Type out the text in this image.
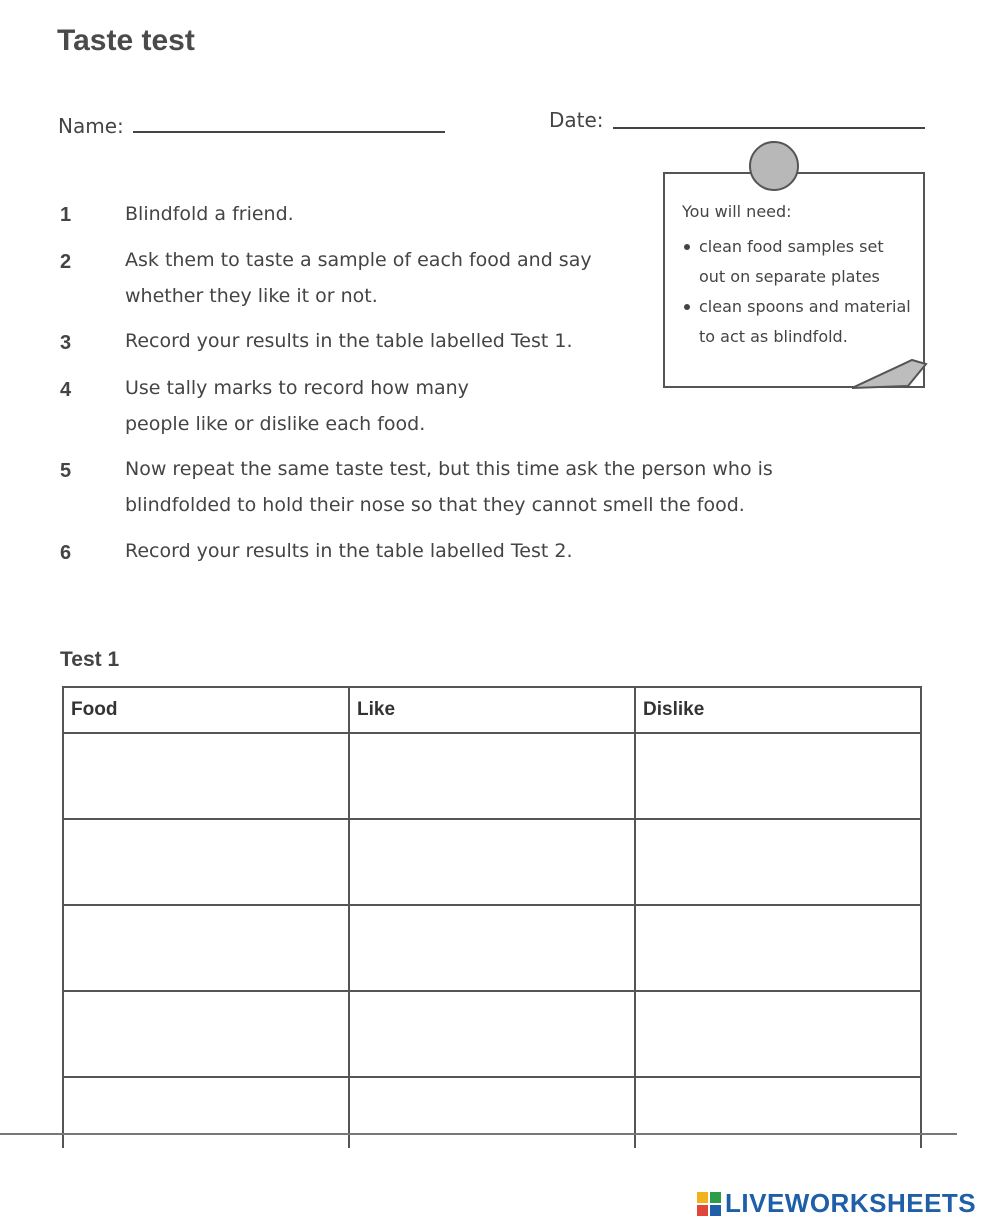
Taste test
Name:	Date:
1	Blindfold a friend.
2	Ask them to taste a sample of each food and say whether they like it or not.
3	Record your results in the table labelled Test 1.
4	Use tally marks to record how many people like or dislike each food.
5	Now repeat the same taste test, but this time ask the person who is blindfolded to hold their nose so that they cannot smell the food.
6	Record your results in the table labelled Test 2.
You will need:
clean food samples set out on separate plates
clean spoons and material to act as blindfold.
Test 1
Food	Like	Dislike

LIVEWORKSHEETS
